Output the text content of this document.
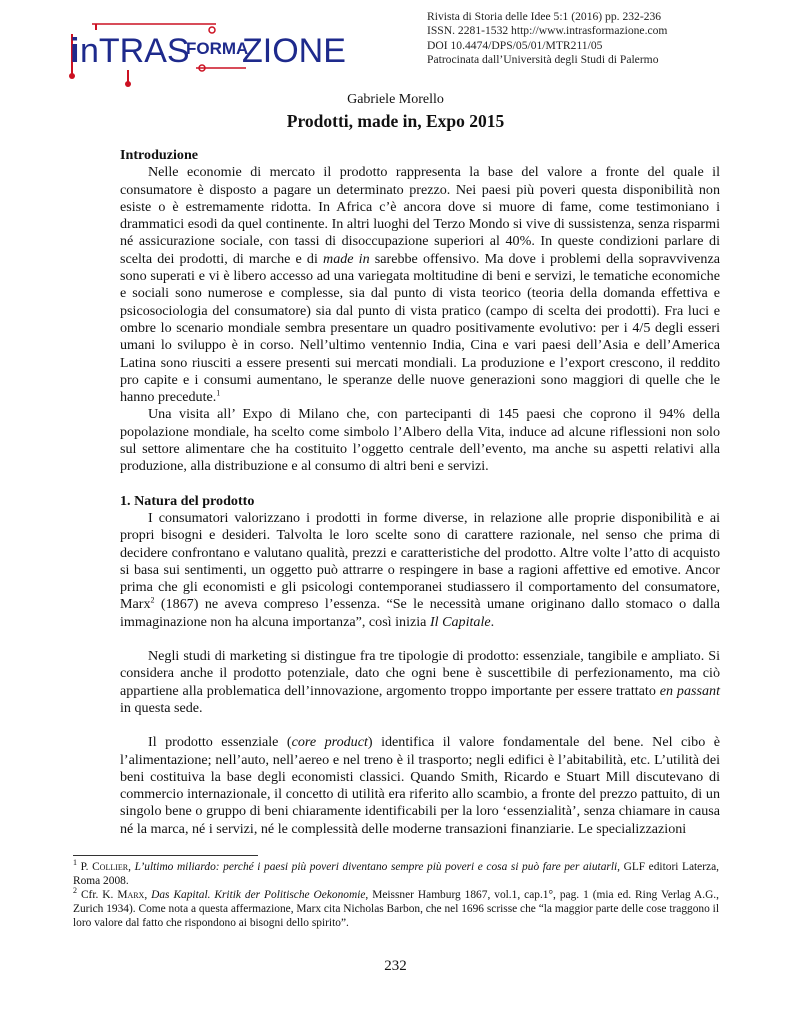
i nTRAS
FORMA
ZIONE
Rivista di Storia delle Idee 5:1 (2016) pp. 232-236
ISSN. 2281-1532 http://www.intrasformazione.com
DOI 10.4474/DPS/05/01/MTR211/05
Patrocinata dall’Università degli Studi di Palermo
Gabriele Morello
Prodotti, made in, Expo 2015
Introduzione

Nelle economie di mercato il prodotto rappresenta la base del valore a fronte del quale il consumatore è disposto a pagare un determinato prezzo. Nei paesi più poveri questa disponibilità non esiste o è estremamente ridotta. In Africa c’è ancora dove si muore di fame, come testimoniano i drammatici esodi da quel continente. In altri luoghi del Terzo Mondo si vive di sussistenza, senza risparmi né assicurazione sociale, con tassi di disoccupazione superiori al 40%. In queste condizioni parlare di scelta dei prodotti, di marche e di made in sarebbe offensivo. Ma dove i problemi della sopravvivenza sono superati e vi è libero accesso ad una variegata moltitudine di beni e servizi, le tematiche economiche e sociali sono numerose e complesse, sia dal punto di vista teorico (teoria della domanda effettiva e psicosociologia del consumatore) sia dal punto di vista pratico (campo di scelta dei prodotti). Fra luci e ombre lo scenario mondiale sembra presentare un quadro positivamente evolutivo: per i 4/5 degli esseri umani lo sviluppo è in corso. Nell’ultimo ventennio India, Cina e vari paesi dell’Asia e dell’America Latina sono riusciti a essere presenti sui mercati mondiali. La produzione e l’export crescono, il reddito pro capite e i consumi aumentano, le speranze delle nuove generazioni sono maggiori di quelle che le hanno precedute.$^1$

Una visita all’ Expo di Milano che, con partecipanti di 145 paesi che coprono il 94% della popolazione mondiale, ha scelto come simbolo l’Albero della Vita, induce ad alcune riflessioni non solo sul settore alimentare che ha costituito l’oggetto centrale dell’evento, ma anche su aspetti relativi alla produzione, alla distribuzione e al consumo di altri beni e servizi.

1. Natura del prodotto

I consumatori valorizzano i prodotti in forme diverse, in relazione alle proprie disponibilità e ai propri bisogni e desideri. Talvolta le loro scelte sono di carattere razionale, nel senso che prima di decidere confrontano e valutano qualità, prezzi e caratteristiche del prodotto. Altre volte l’atto di acquisto si basa sui sentimenti, un oggetto può attrarre o respingere in base a ragioni affettive ed emotive. Ancor prima che gli economisti e gli psicologi contemporanei studiassero il comportamento del consumatore, Marx$^2$ (1867) ne aveva compreso l’essenza. “Se le necessità umane originano dallo stomaco o dalla immaginazione non ha alcuna importanza”, così inizia Il Capitale.

Negli studi di marketing si distingue fra tre tipologie di prodotto: essenziale, tangibile e ampliato. Si considera anche il prodotto potenziale, dato che ogni bene è suscettibile di perfezionamento, ma ciò appartiene alla problematica dell’innovazione, argomento troppo importante per essere trattato en passant in questa sede.

Il prodotto essenziale (core product) identifica il valore fondamentale del bene. Nel cibo è l’alimentazione; nell’auto, nell’aereo e nel treno è il trasporto; negli edifici è l’abitabilità, etc. L’utilità dei beni costituiva la base degli economisti classici. Quando Smith, Ricardo e Stuart Mill discutevano di commercio internazionale, il concetto di utilità era riferito allo scambio, a fronte del prezzo pattuito, di un singolo bene o gruppo di beni chiaramente identificabili per la loro ‘essenzialità’, senza chiamare in causa né la marca, né i servizi, né le complessità delle moderne transazioni finanziarie. Le specializzazioni

$^1$ P. Collier, L’ultimo miliardo: perché i paesi più poveri diventano sempre più poveri e cosa si può fare per aiutarli, GLF editori Laterza, Roma 2008.

$^2$ Cfr. K. Marx, Das Kapital. Kritik der Politische Oekonomie, Meissner Hamburg 1867, vol.1, cap.1°, pag. 1 (mia ed. Ring Verlag A.G., Zurich 1934). Come nota a questa affermazione, Marx cita Nicholas Barbon, che nel 1696 scrisse che “la maggior parte delle cose traggono il loro valore dal fatto che rispondono ai bisogni dello spirito”.

232
